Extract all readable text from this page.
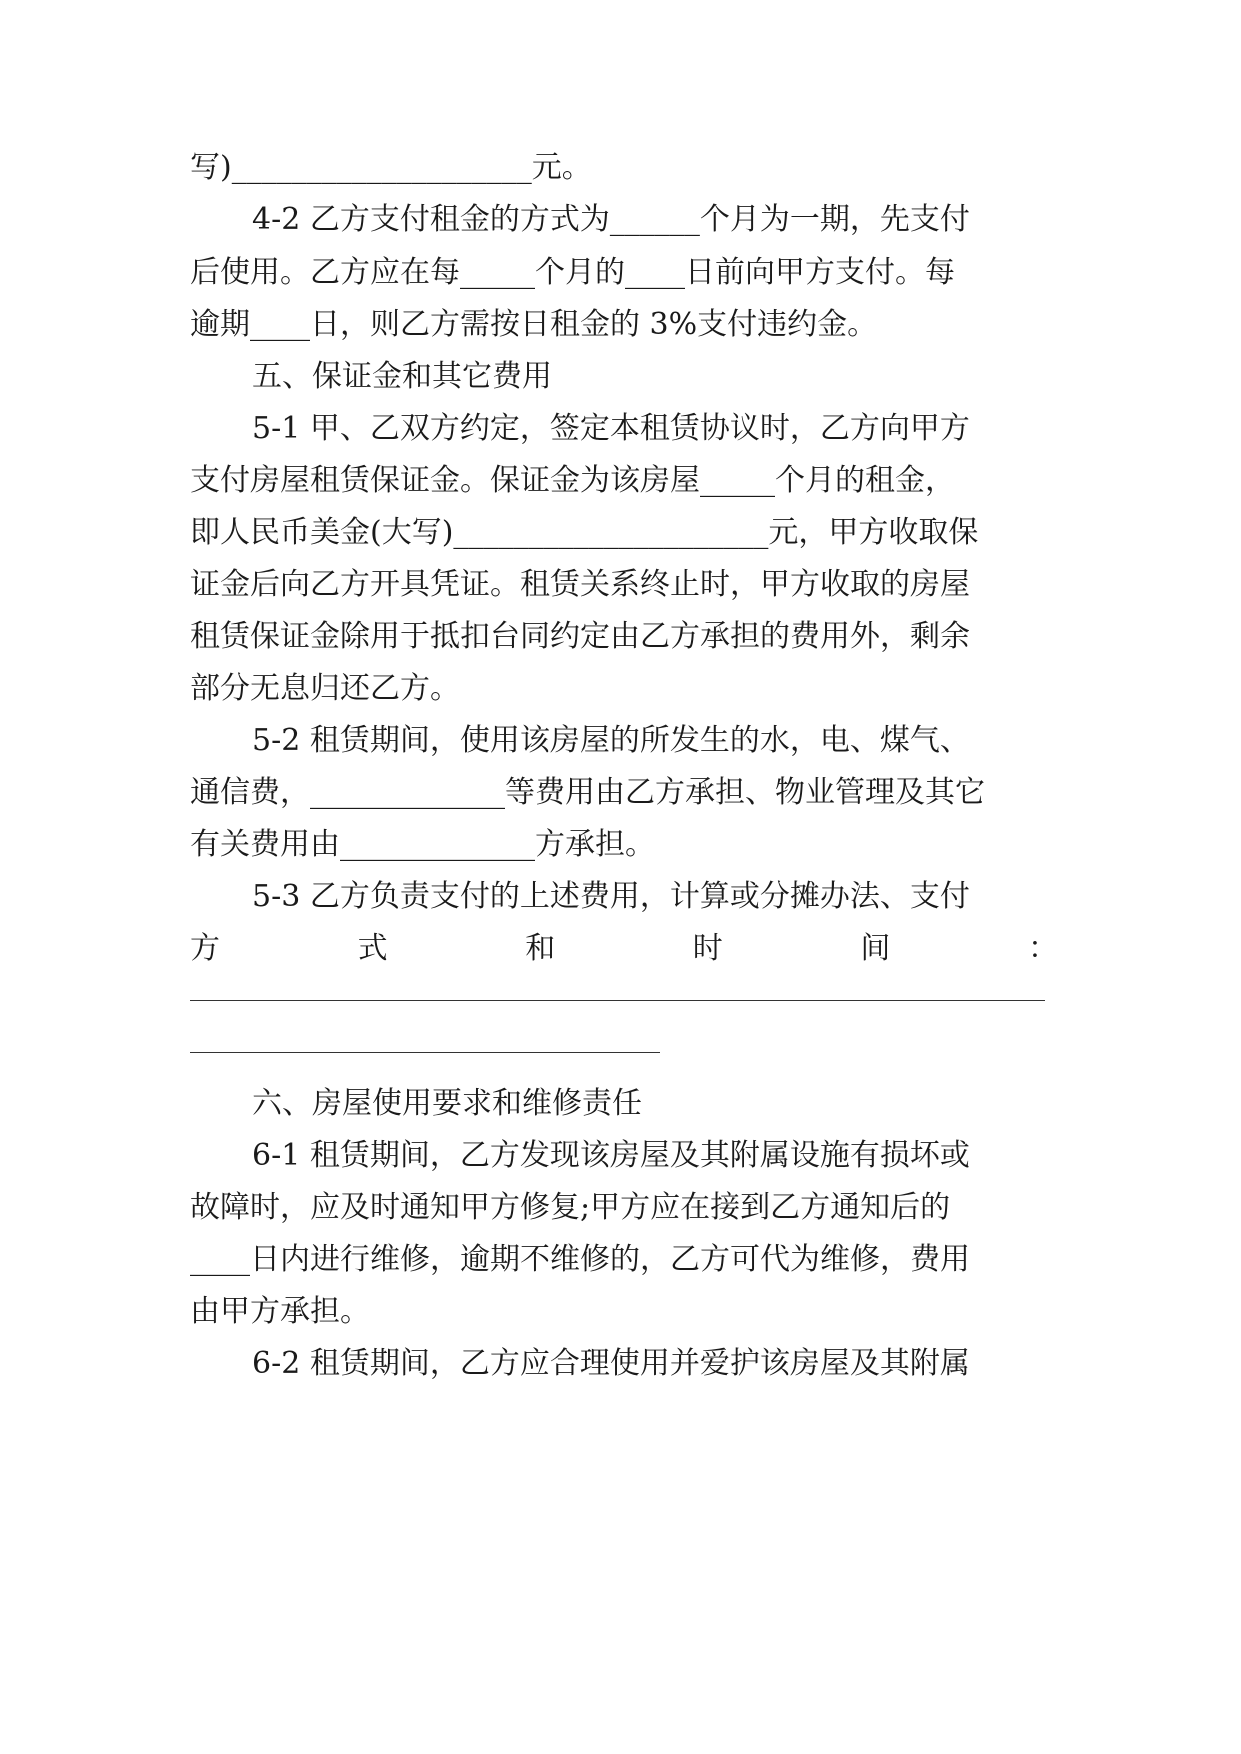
写)____________________元。
4-2 乙方支付租金的方式为______个月为一期，先支付
后使用。乙方应在每_____个月的____日前向甲方支付。每
逾期____日，则乙方需按日租金的 3%支付违约金。
五、保证金和其它费用
5-1 甲、乙双方约定，签定本租赁协议时，乙方向甲方
支付房屋租赁保证金。保证金为该房屋_____个月的租金，
即人民币美金(大写)_____________________元，甲方收取保
证金后向乙方开具凭证。租赁关系终止时，甲方收取的房屋
租赁保证金除用于抵扣台同约定由乙方承担的费用外，剩余
部分无息归还乙方。
5-2 租赁期间，使用该房屋的所发生的水，电、煤气、
通信费，_____________等费用由乙方承担、物业管理及其它
有关费用由_____________方承担。
5-3 乙方负责支付的上述费用，计算或分摊办法、支付
方 式 和 时 间 ：
六、房屋使用要求和维修责任
6-1 租赁期间，乙方发现该房屋及其附属设施有损坏或
故障时，应及时通知甲方修复;甲方应在接到乙方通知后的
____日内进行维修，逾期不维修的，乙方可代为维修，费用
由甲方承担。
6-2 租赁期间，乙方应合理使用并爱护该房屋及其附属
